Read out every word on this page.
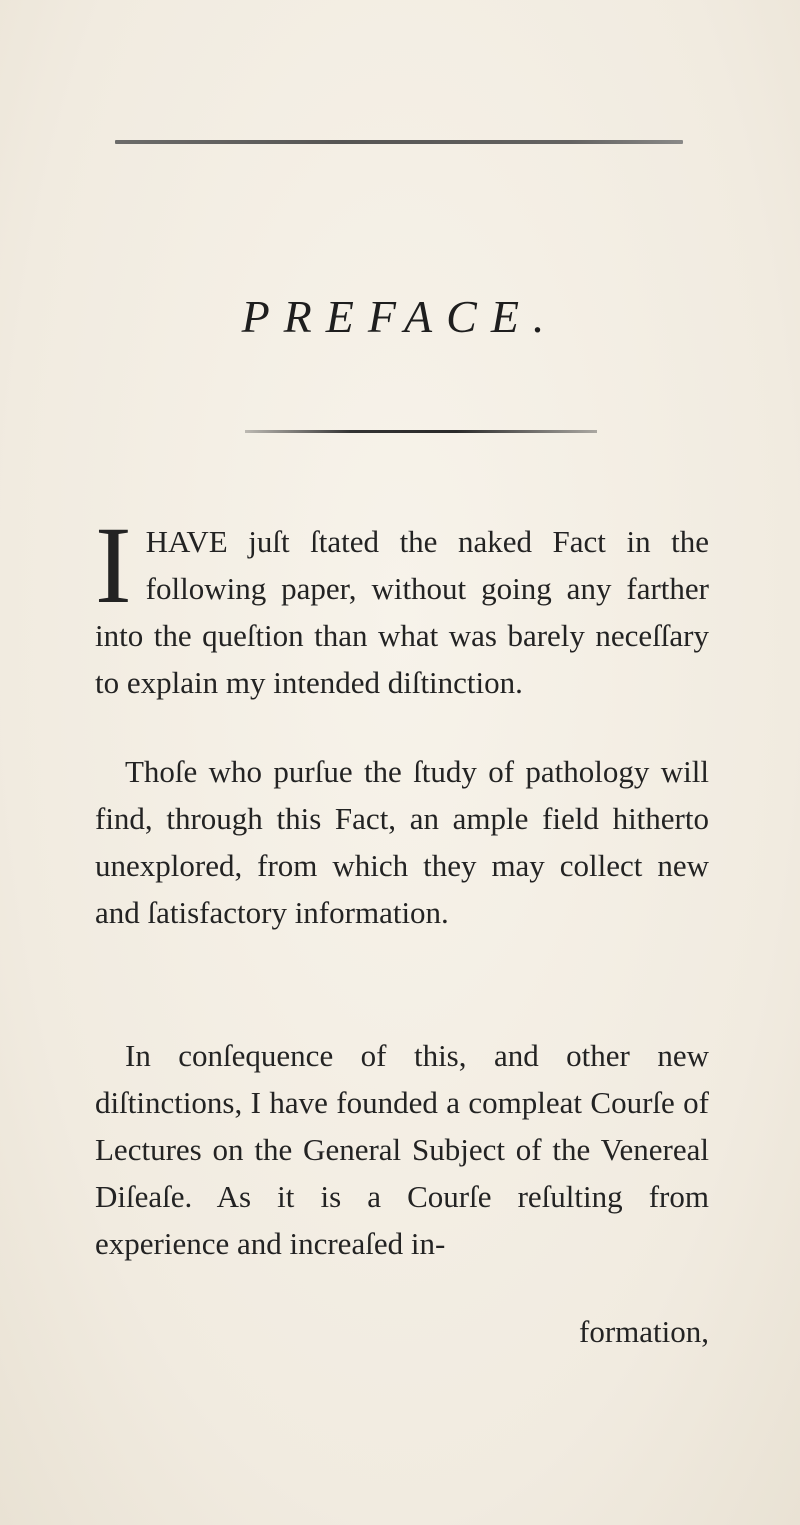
PREFACE.
IHAVE juſt ſtated the naked Fact in the following paper, without going any farther into the queſtion than what was barely neceſſary to explain my intended diſtinction.
Thoſe who purſue the ſtudy of pathology will find, through this Fact, an ample field hitherto unexplored, from which they may collect new and ſatisfactory information.
In conſequence of this, and other new diſtinctions, I have founded a compleat Courſe of Lectures on the General Subject of the Venereal Diſeaſe. As it is a Courſe reſulting from experience and increaſed in-
formation,
